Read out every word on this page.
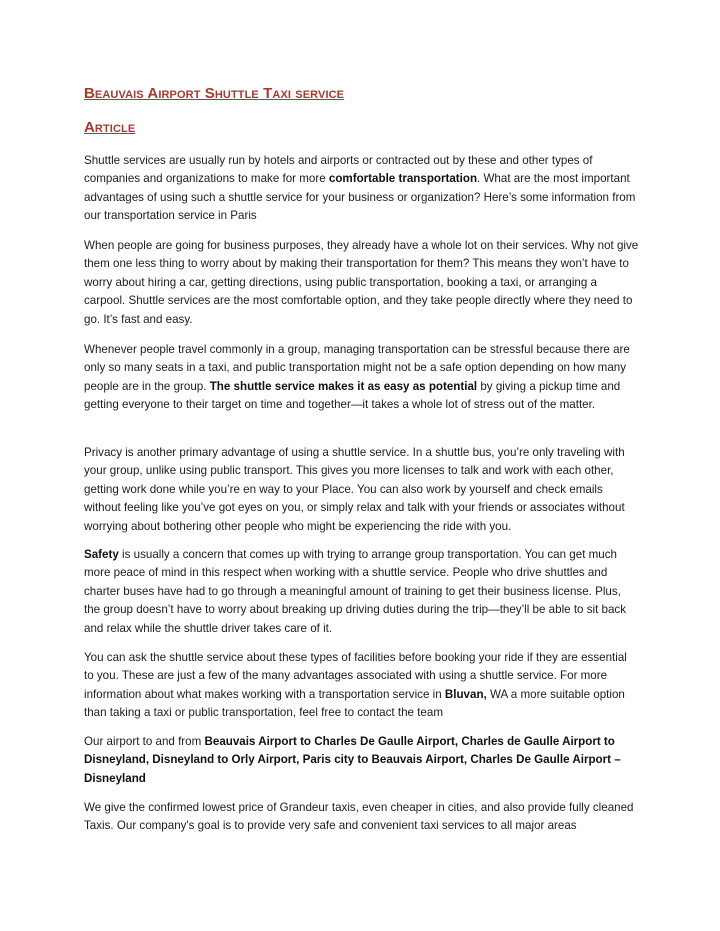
Beauvais Airport Shuttle Taxi service
Article

Shuttle services are usually run by hotels and airports or contracted out by these and other types of companies and organizations to make for more comfortable transportation. What are the most important advantages of using such a shuttle service for your business or organization? Here’s some information from our transportation service in Paris

When people are going for business purposes, they already have a whole lot on their services. Why not give them one less thing to worry about by making their transportation for them? This means they won’t have to worry about hiring a car, getting directions, using public transportation, booking a taxi, or arranging a carpool. Shuttle services are the most comfortable option, and they take people directly where they need to go. It’s fast and easy.

Whenever people travel commonly in a group, managing transportation can be stressful because there are only so many seats in a taxi, and public transportation might not be a safe option depending on how many people are in the group. The shuttle service makes it as easy as potential by giving a pickup time and getting everyone to their target on time and together—it takes a whole lot of stress out of the matter.

Privacy is another primary advantage of using a shuttle service. In a shuttle bus, you’re only traveling with your group, unlike using public transport. This gives you more licenses to talk and work with each other, getting work done while you’re en way to your Place. You can also work by yourself and check emails without feeling like you’ve got eyes on you, or simply relax and talk with your friends or associates without worrying about bothering other people who might be experiencing the ride with you.

Safety is usually a concern that comes up with trying to arrange group transportation. You can get much more peace of mind in this respect when working with a shuttle service. People who drive shuttles and charter buses have had to go through a meaningful amount of training to get their business license. Plus, the group doesn’t have to worry about breaking up driving duties during the trip—they’ll be able to sit back and relax while the shuttle driver takes care of it.

You can ask the shuttle service about these types of facilities before booking your ride if they are essential to you. These are just a few of the many advantages associated with using a shuttle service. For more information about what makes working with a transportation service in Bluvan, WA a more suitable option than taking a taxi or public transportation, feel free to contact the team

Our airport to and from Beauvais Airport to Charles De Gaulle Airport, Charles de Gaulle Airport to Disneyland, Disneyland to Orly Airport, Paris city to Beauvais Airport, Charles De Gaulle Airport – Disneyland

We give the confirmed lowest price of Grandeur taxis, even cheaper in cities, and also provide fully cleaned Taxis. Our company's goal is to provide very safe and convenient taxi services to all major areas
